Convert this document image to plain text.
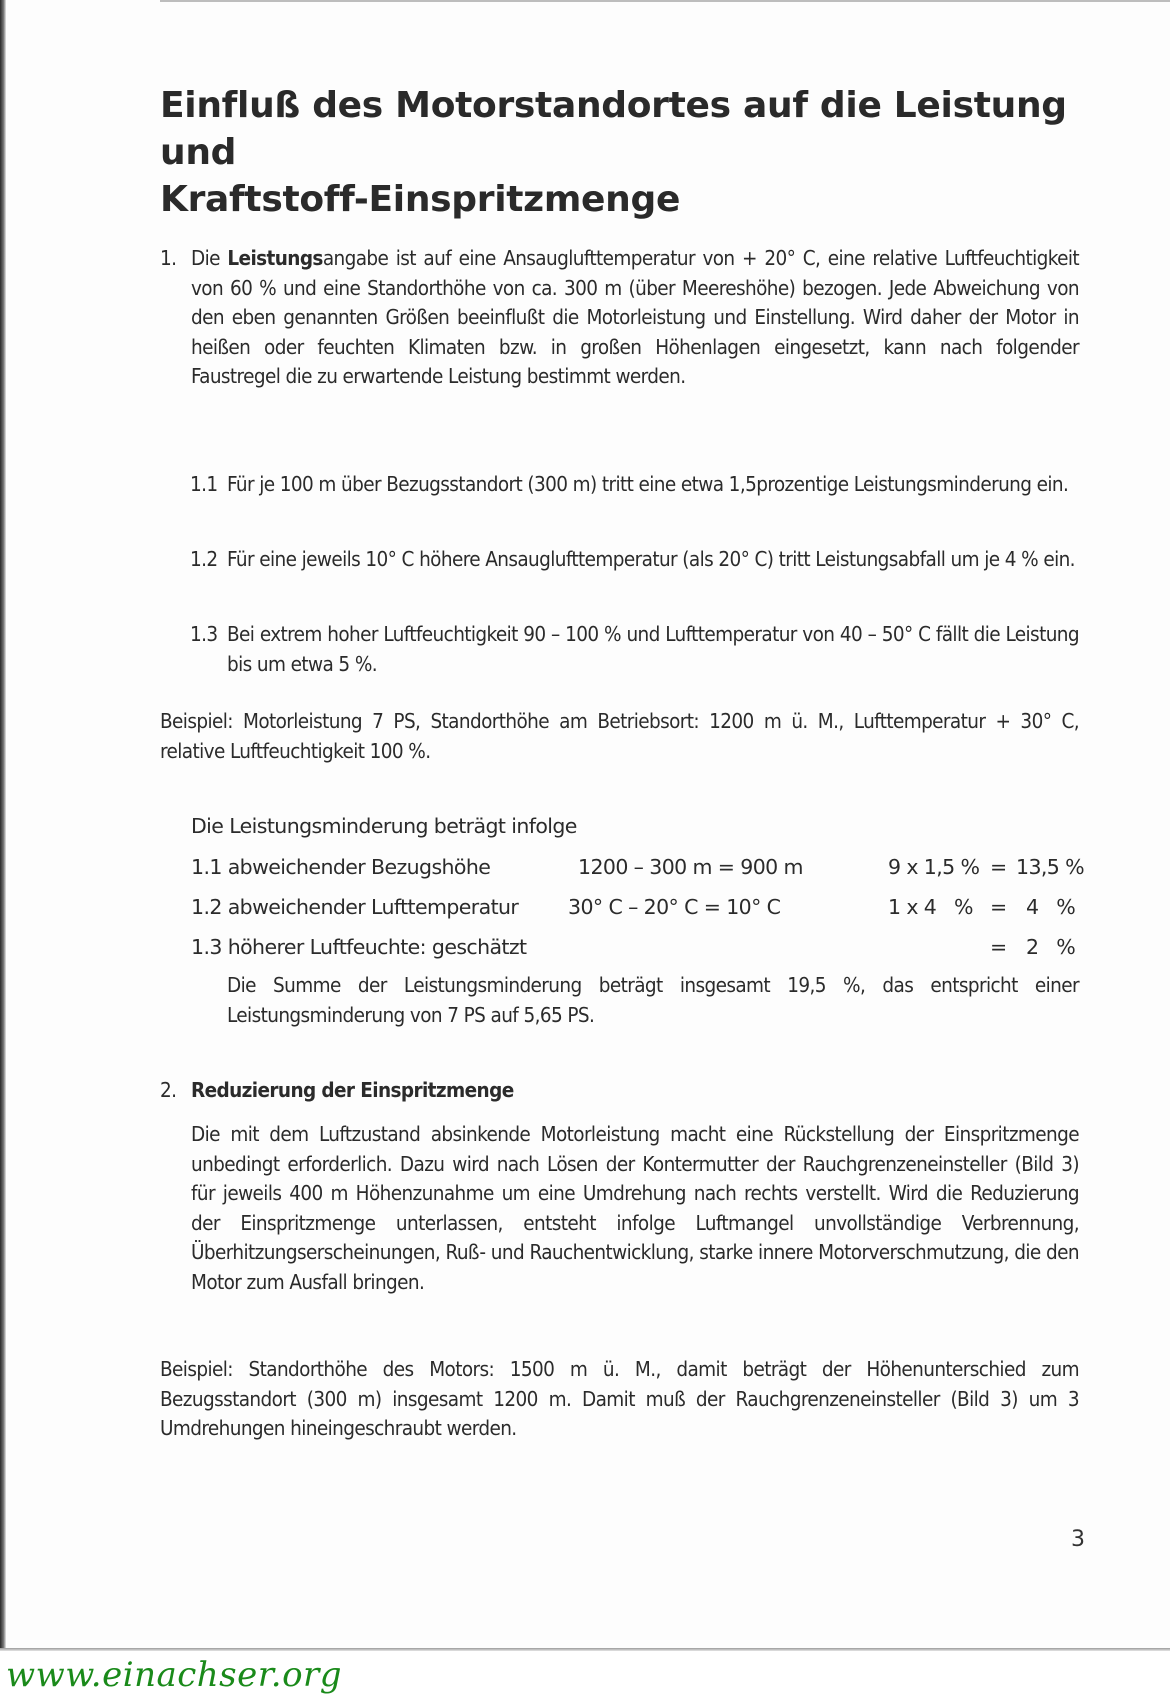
Einfluß des Motorstandortes auf die Leistung und
Kraftstoff-Einspritzmenge
1. Die Leistungsangabe ist auf eine Ansauglufttemperatur von + 20° C, eine relative Luftfeuchtigkeit von 60 % und eine Standorthöhe von ca. 300 m (über Meereshöhe) bezogen. Jede Abweichung von den eben genannten Größen beeinflußt die Motorleistung und Einstellung. Wird daher der Motor in heißen oder feuchten Klimaten bzw. in großen Höhenlagen eingesetzt, kann nach folgender Faustregel die zu erwartende Leistung bestimmt werden.
1.1 Für je 100 m über Bezugsstandort (300 m) tritt eine etwa 1,5prozentige Leistungsminderung ein.
1.2 Für eine jeweils 10° C höhere Ansauglufttemperatur (als 20° C) tritt Leistungsabfall um je 4 % ein.
1.3 Bei extrem hoher Luftfeuchtigkeit 90 – 100 % und Lufttemperatur von 40 – 50° C fällt die Leistung bis um etwa 5 %.
Beispiel: Motorleistung 7 PS, Standorthöhe am Betriebsort: 1200 m ü. M., Lufttemperatur + 30° C, relative Luftfeuchtigkeit 100 %.
Die Leistungsminderung beträgt infolge
1.1 abweichender Bezugshöhe	1200 – 300 m = 900 m	9 x 1,5 % = 13,5 %
1.2 abweichender Lufttemperatur 30° C – 20° C = 10° C	1 x 4   % = 4   %
1.3 höherer Luftfeuchte: geschätzt	= 2   %
Die Summe der Leistungsminderung beträgt insgesamt 19,5 %, das entspricht einer Leistungsminderung von 7 PS auf 5,65 PS.
2. Reduzierung der Einspritzmenge
Die mit dem Luftzustand absinkende Motorleistung macht eine Rückstellung der Einspritzmenge unbedingt erforderlich. Dazu wird nach Lösen der Kontermutter der Rauchgrenzeneinsteller (Bild 3) für jeweils 400 m Höhenzunahme um eine Umdrehung nach rechts verstellt. Wird die Reduzierung der Einspritzmenge unterlassen, entsteht infolge Luftmangel unvollständige Verbrennung, Überhitzungserscheinungen, Ruß- und Rauchentwicklung, starke innere Motorverschmutzung, die den Motor zum Ausfall bringen.
Beispiel: Standorthöhe des Motors: 1500 m ü. M., damit beträgt der Höhenunterschied zum Bezugsstandort (300 m) insgesamt 1200 m. Damit muß der Rauchgrenzeneinsteller (Bild 3) um 3 Umdrehungen hineingeschraubt werden.
3
www.einachser.org
